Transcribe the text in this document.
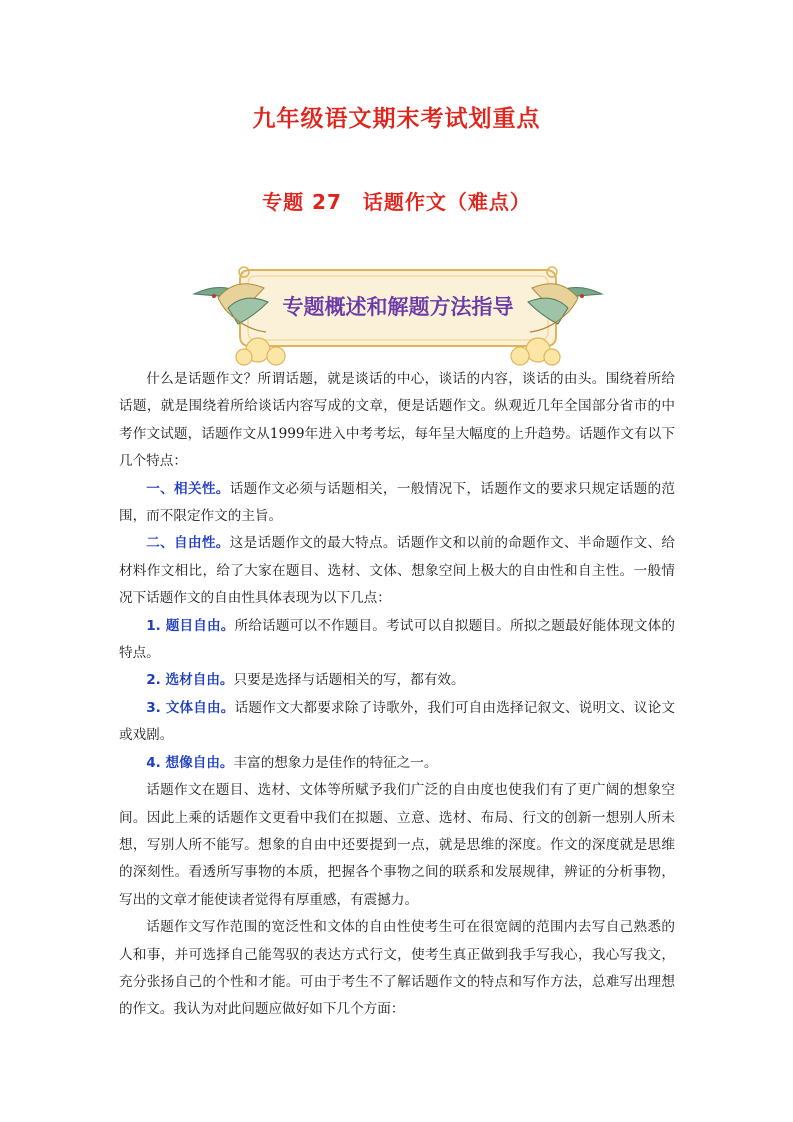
九年级语文期末考试划重点
专题 27　话题作文（难点）
专题概述和解题方法指导

什么是话题作文？所谓话题，就是谈话的中心，谈话的内容，谈话的由头。围绕着所给话题，就是围绕着所给谈话内容写成的文章，便是话题作文。纵观近几年全国部分省市的中考作文试题，话题作文从1999年进入中考考坛，每年呈大幅度的上升趋势。话题作文有以下几个特点：

一、相关性。话题作文必须与话题相关，一般情况下，话题作文的要求只规定话题的范围，而不限定作文的主旨。

二、自由性。这是话题作文的最大特点。话题作文和以前的命题作文、半命题作文、给材料作文相比，给了大家在题目、选材、文体、想象空间上极大的自由性和自主性。一般情况下话题作文的自由性具体表现为以下几点：

1. 题目自由。所给话题可以不作题目。考试可以自拟题目。所拟之题最好能体现文体的特点。

2. 选材自由。只要是选择与话题相关的写，都有效。

3. 文体自由。话题作文大都要求除了诗歌外，我们可自由选择记叙文、说明文、议论文或戏剧。

4. 想像自由。丰富的想象力是佳作的特征之一。

话题作文在题目、选材、文体等所赋予我们广泛的自由度也使我们有了更广阔的想象空间。因此上乘的话题作文更看中我们在拟题、立意、选材、布局、行文的创新一想别人所未想，写别人所不能写。想象的自由中还要提到一点，就是思维的深度。作文的深度就是思维的深刻性。看透所写事物的本质，把握各个事物之间的联系和发展规律，辨证的分析事物，写出的文章才能使读者觉得有厚重感，有震撼力。

话题作文写作范围的宽泛性和文体的自由性使考生可在很宽阔的范围内去写自己熟悉的人和事，并可选择自己能驾驭的表达方式行文，使考生真正做到我手写我心，我心写我文，充分张扬自己的个性和才能。可由于考生不了解话题作文的特点和写作方法，总难写出理想的作文。我认为对此问题应做好如下几个方面：
